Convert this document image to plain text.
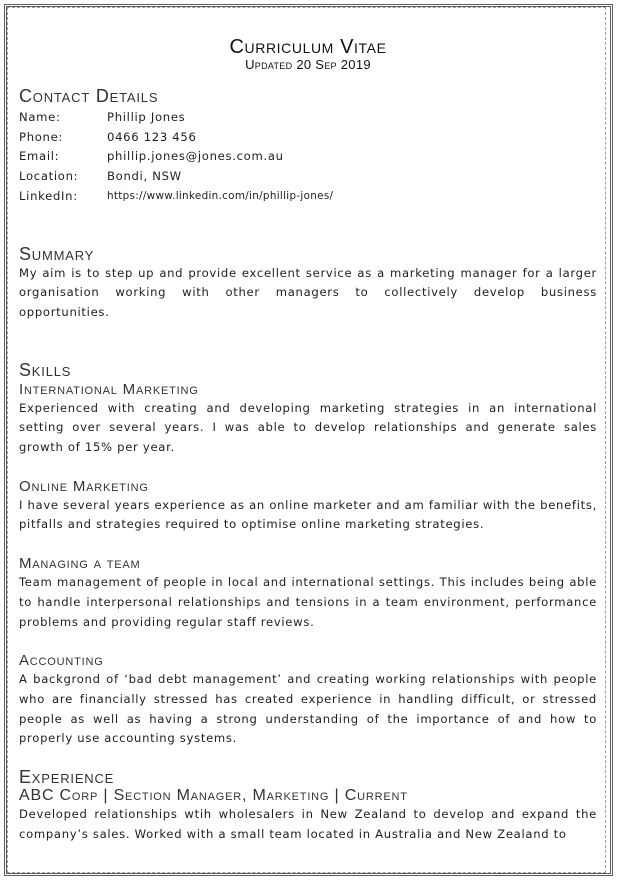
Curriculum Vitae
Updated 20 Sep 2019
Contact Details
Name:	Phillip Jones
Phone:	0466 123 456
Email:	phillip.jones@jones.com.au
Location:	Bondi, NSW
LinkedIn:	https://www.linkedin.com/in/phillip-jones/
Summary
My aim is to step up and provide excellent service as a marketing manager for a larger organisation working with other managers to collectively develop business opportunities.
Skills
International Marketing
Experienced with creating and developing marketing strategies in an international setting over several years. I was able to develop relationships and generate sales growth of 15% per year.
Online Marketing
I have several years experience as an online marketer and am familiar with the benefits, pitfalls and strategies required to optimise online marketing strategies.
Managing a team
Team management of people in local and international settings. This includes being able to handle interpersonal relationships and tensions in a team environment, performance problems and providing regular staff reviews.
Accounting
A backgrond of ‘bad debt management’ and creating working relationships with people who are financially stressed has created experience in handling difficult, or stressed people as well as having a strong understanding of the importance of and how to properly use accounting systems.
Experience
ABC Corp | Section Manager, Marketing | Current
Developed relationships wtih wholesalers in New Zealand to develop and expand the company’s sales. Worked with a small team located in Australia and New Zealand to
